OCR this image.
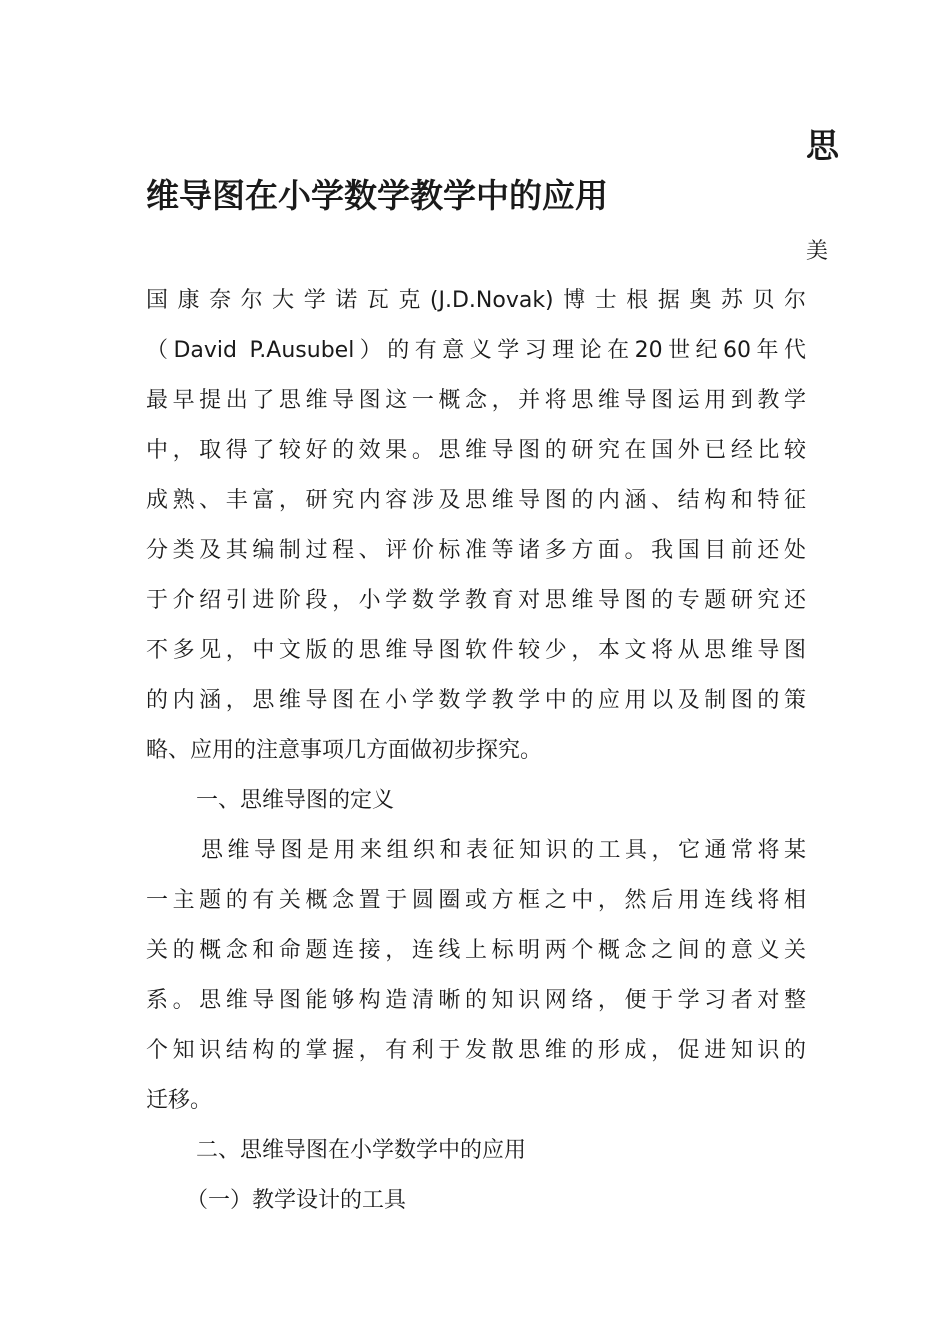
思
维导图在小学数学教学中的应用
美
国康奈尔大学诺瓦克(J.D.Novak)博士根据奥苏贝尔
（David P.Ausubel）的有意义学习理论在20世纪60年代
最早提出了思维导图这一概念，并将思维导图运用到教学
中，取得了较好的效果。思维导图的研究在国外已经比较
成熟、丰富，研究内容涉及思维导图的内涵、结构和特征
分类及其编制过程、评价标准等诸多方面。我国目前还处
于介绍引进阶段，小学数学教育对思维导图的专题研究还
不多见，中文版的思维导图软件较少，本文将从思维导图
的内涵，思维导图在小学数学教学中的应用以及制图的策
略、应用的注意事项几方面做初步探究。
一、思维导图的定义
思维导图是用来组织和表征知识的工具，它通常将某
一主题的有关概念置于圆圈或方框之中，然后用连线将相
关的概念和命题连接，连线上标明两个概念之间的意义关
系。思维导图能够构造清晰的知识网络，便于学习者对整
个知识结构的掌握，有利于发散思维的形成，促进知识的
迁移。
二、思维导图在小学数学中的应用
（一）教学设计的工具
